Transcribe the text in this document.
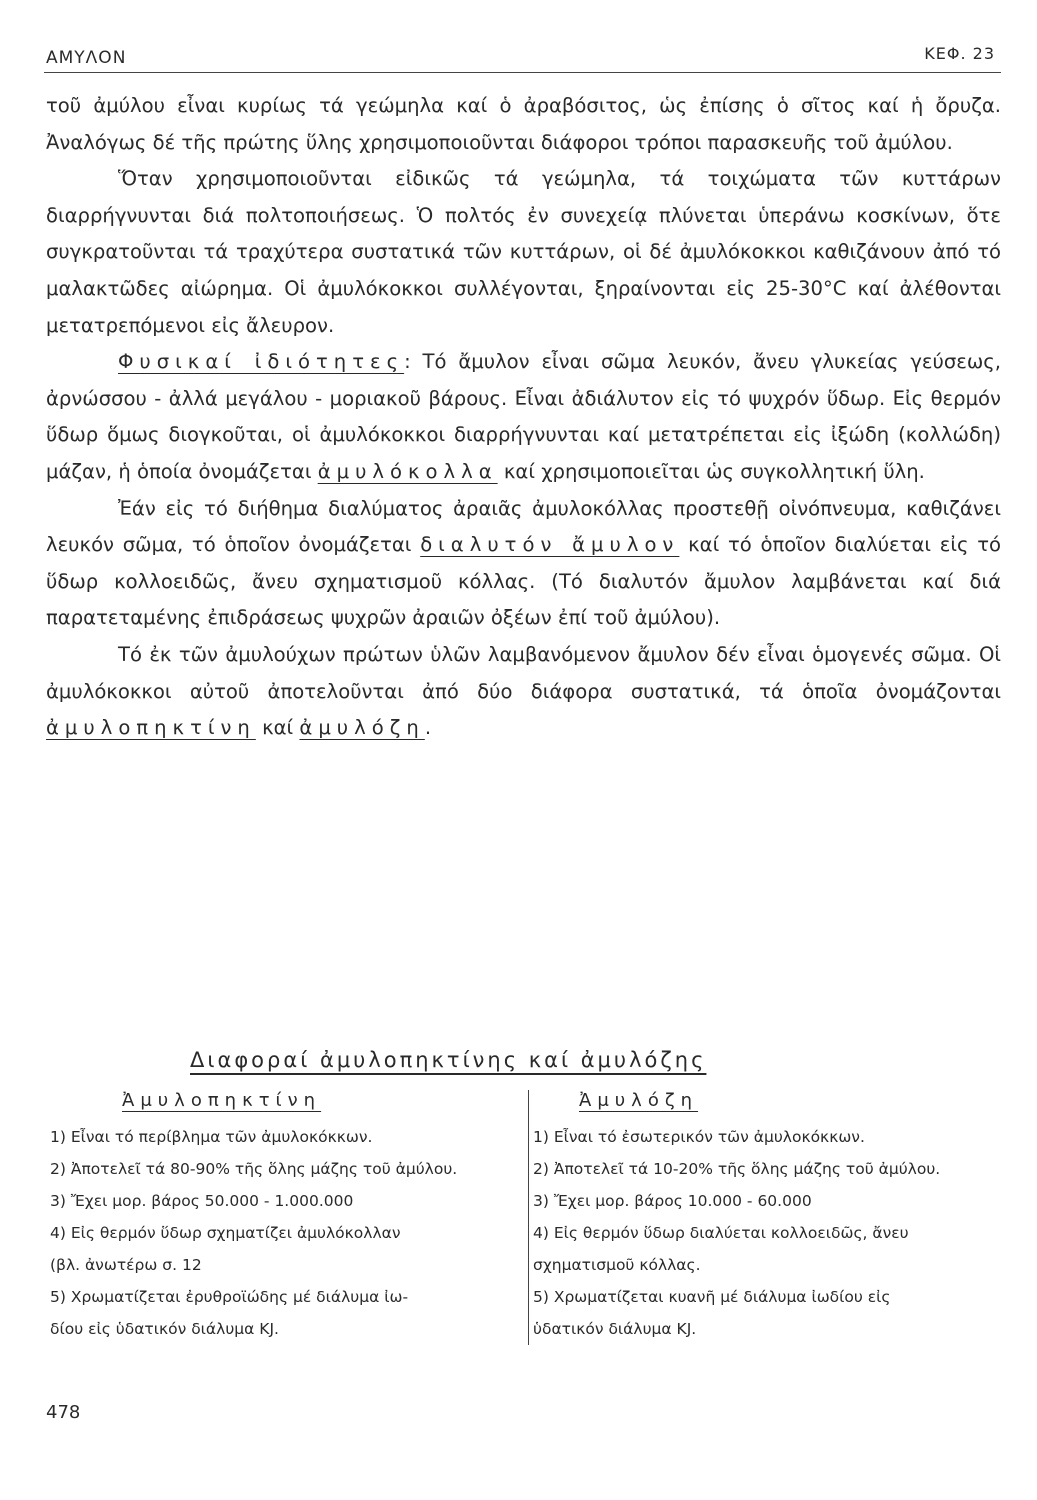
ΑΜΥΛΟΝ	ΚΕΦ. 23

τοῦ ἀμύλου εἶναι κυρίως τά γεώμηλα καί ὁ ἀραβόσιτος, ὡς ἐπίσης ὁ σῖτος καί ἡ ὄρυζα. Ἀναλόγως δέ τῆς πρώτης ὕλης χρησιμοποιοῦνται διάφοροι τρόποι παρασκευῆς τοῦ ἀμύλου.

Ὅταν χρησιμοποιοῦνται εἰδικῶς τά γεώμηλα, τά τοιχώματα τῶν κυττάρων διαρρήγνυνται διά πολτοποιήσεως. Ὁ πολτός ἐν συνεχείᾳ πλύνεται ὑπεράνω κοσκίνων, ὅτε συγκρατοῦνται τά τραχύτερα συστατικά τῶν κυττάρων, οἱ δέ ἀμυλόκοκκοι καθιζάνουν ἀπό τό μαλακτῶδες αἰώρημα. Οἱ ἀμυλόκοκκοι συλλέγονται, ξηραίνονται εἰς 25-30°C καί ἀλέθονται μετατρεπόμενοι εἰς ἄλευρον.

Φυσικαί ἰδιότητες: Τό ἄμυλον εἶναι σῶμα λευκόν, ἄνευ γλυκείας γεύσεως, ἀρνώσσου - ἀλλά μεγάλου - μοριακοῦ βάρους. Εἶναι ἀδιάλυτον εἰς τό ψυχρόν ὕδωρ. Εἰς θερμόν ὕδωρ ὅμως διογκοῦται, οἱ ἀμυλόκοκκοι διαρρήγνυνται καί μετατρέπεται εἰς ἰξώδη (κολλώδη) μάζαν, ἡ ὁποία ὀνομάζεται ἀμυλόκολλα καί χρησιμοποιεῖται ὡς συγκολλητική ὕλη.

Ἐάν εἰς τό διήθημα διαλύματος ἀραιᾶς ἀμυλοκόλλας προστεθῇ οἰνόπνευμα, καθιζάνει λευκόν σῶμα, τό ὁποῖον ὀνομάζεται διαλυτόν ἄμυλον καί τό ὁποῖον διαλύεται εἰς τό ὕδωρ κολλοειδῶς, ἄνευ σχηματισμοῦ κόλλας. (Τό διαλυτόν ἄμυλον λαμβάνεται καί διά παρατεταμένης ἐπιδράσεως ψυχρῶν ἀραιῶν ὀξέων ἐπί τοῦ ἀμύλου).

Τό ἐκ τῶν ἀμυλούχων πρώτων ὑλῶν λαμβανόμενον ἄμυλον δέν εἶναι ὁμογενές σῶμα. Οἱ ἀμυλόκοκκοι αὐτοῦ ἀποτελοῦνται ἀπό δύο διάφορα συστατικά, τά ὁποῖα ὀνομάζονται ἀμυλοπηκτίνη καί ἀμυλόζη.

Διαφοραί ἀμυλοπηκτίνης καί ἀμυλόζης
Ἀμυλοπηκτίνη	Ἀμυλόζη
1) Εἶναι τό περίβλημα τῶν ἀμυλοκόκκων.	1) Εἶναι τό ἐσωτερικόν τῶν ἀμυλοκόκκων.
2) Ἀποτελεῖ τά 80-90% τῆς ὅλης μάζης τοῦ ἀμύλου.	2) Ἀποτελεῖ τά 10-20% τῆς ὅλης μάζης τοῦ ἀμύλου.
3) Ἔχει μορ. βάρος 50.000 - 1.000.000	3) Ἔχει μορ. βάρος 10.000 - 60.000
4) Εἰς θερμόν ὕδωρ σχηματίζει ἀμυλόκολλαν	4) Εἰς θερμόν ὕδωρ διαλύεται κολλοειδῶς, ἄνευ
(βλ. ἀνωτέρω σ. 12	σχηματισμοῦ κόλλας.
5) Χρωματίζεται ἐρυθροϊώδης μέ διάλυμα ἰω-	5) Χρωματίζεται κυανῆ μέ διάλυμα ἰωδίου εἰς
δίου εἰς ὑδατικόν διάλυμα KJ.	ὑδατικόν διάλυμα KJ.
478
